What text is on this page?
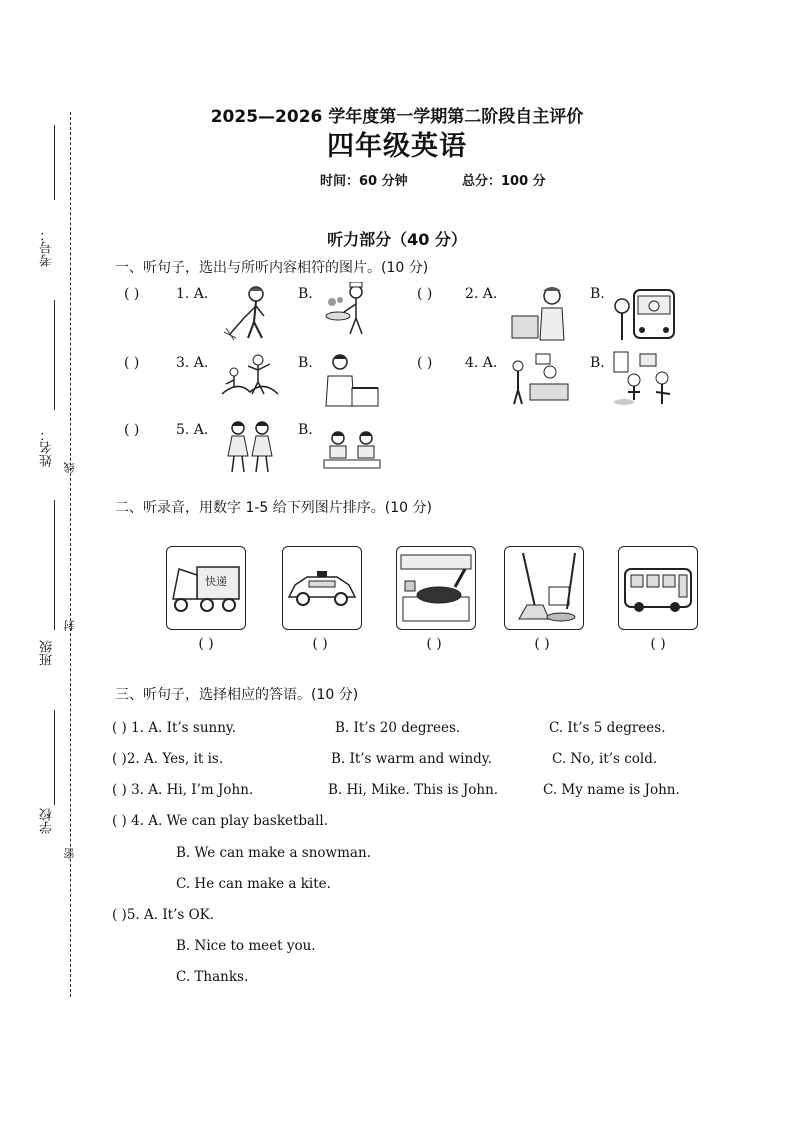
考号：
姓名：
线
封
班级
学校
密
2025—2026 学年度第一学期第二阶段自主评价
四年级英语
时间：60 分钟	总分：100 分
听力部分（40 分）
一、听句子，选出与所听内容相符的图片。(10 分)
( )	1. A.	B.	( ) 2. A.	B.
( )	3. A.	B.	( ) 4. A.	B.
( )	5. A.	B.
二、听录音，用数字 1-5 给下列图片排序。(10 分)
快递
( )	( )	( )	( )	( )
三、听句子，选择相应的答语。(10 分)
( ) 1. A. It’s sunny.	B. It’s 20 degrees.	C. It’s 5 degrees.
( )2. A. Yes, it is.	B. It’s warm and windy.	C. No, it’s cold.
( ) 3. A. Hi, I’m John.	B. Hi, Mike. This is John.	C. My name is John.
( ) 4. A. We can play basketball.
B. We can make a snowman.
C. He can make a kite.
( )5. A. It’s OK.
B. Nice to meet you.
C. Thanks.
